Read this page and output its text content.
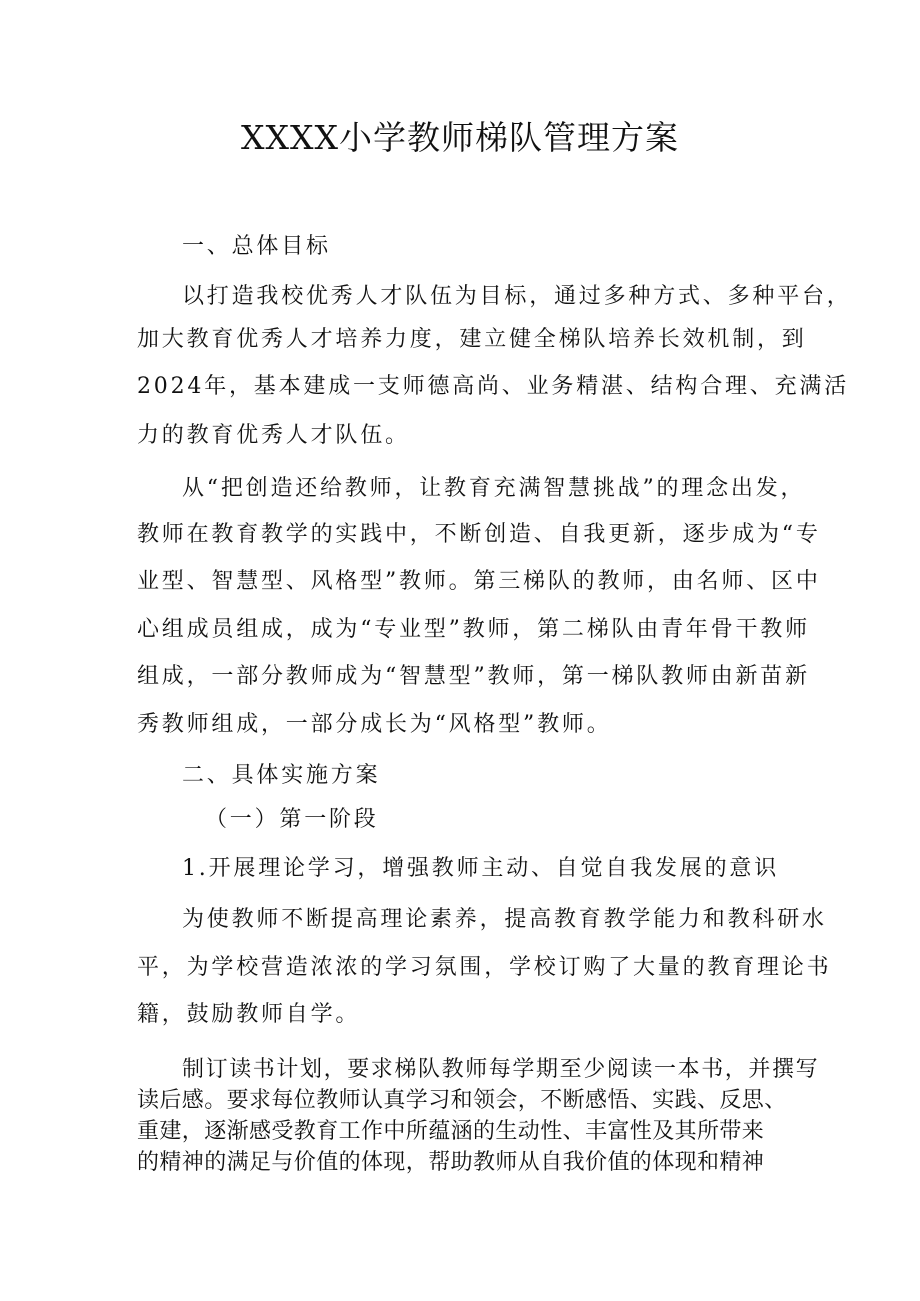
XXXX小学教师梯队管理方案

一、总体目标

以打造我校优秀人才队伍为目标，通过多种方式、多种平台，

加大教育优秀人才培养力度，建立健全梯队培养长效机制，到

2024年，基本建成一支师德高尚、业务精湛、结构合理、充满活

力的教育优秀人才队伍。

从“把创造还给教师，让教育充满智慧挑战”的理念出发，

教师在教育教学的实践中，不断创造、自我更新，逐步成为“专

业型、智慧型、风格型”教师。第三梯队的教师，由名师、区中

心组成员组成，成为“专业型”教师，第二梯队由青年骨干教师

组成，一部分教师成为“智慧型”教师，第一梯队教师由新苗新

秀教师组成，一部分成长为“风格型”教师。

二、具体实施方案

（一）第一阶段

1.开展理论学习，增强教师主动、自觉自我发展的意识

为使教师不断提高理论素养，提高教育教学能力和教科研水

平，为学校营造浓浓的学习氛围，学校订购了大量的教育理论书

籍，鼓励教师自学。

制订读书计划，要求梯队教师每学期至少阅读一本书，并撰写

读后感。要求每位教师认真学习和领会，不断感悟、实践、反思、

重建，逐渐感受教育工作中所蕴涵的生动性、丰富性及其所带来

的精神的满足与价值的体现，帮助教师从自我价值的体现和精神
